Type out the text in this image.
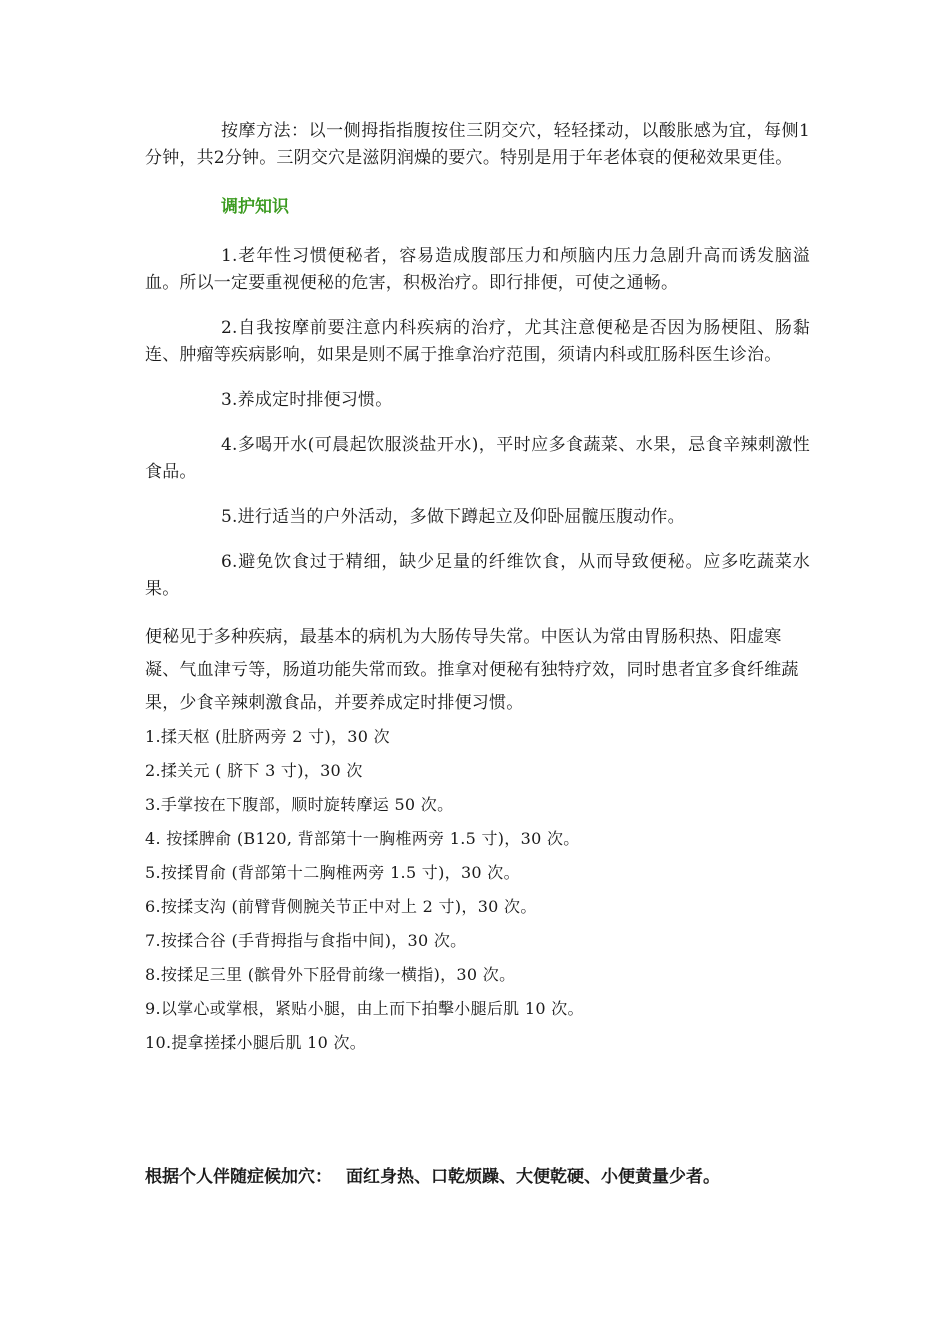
按摩方法：以一侧拇指指腹按住三阴交穴，轻轻揉动，以酸胀感为宜，每侧1分钟，共2分钟。三阴交穴是滋阴润燥的要穴。特别是用于年老体衰的便秘效果更佳。

调护知识

1.老年性习惯便秘者，容易造成腹部压力和颅脑内压力急剧升高而诱发脑溢血。所以一定要重视便秘的危害，积极治疗。即行排便，可使之通畅。

2.自我按摩前要注意内科疾病的治疗，尤其注意便秘是否因为肠梗阻、肠黏连、肿瘤等疾病影响，如果是则不属于推拿治疗范围，须请内科或肛肠科医生诊治。

3.养成定时排便习惯。

4.多喝开水(可晨起饮服淡盐开水)，平时应多食蔬菜、水果，忌食辛辣刺激性食品。

5.进行适当的户外活动，多做下蹲起立及仰卧屈髋压腹动作。

6.避免饮食过于精细，缺少足量的纤维饮食，从而导致便秘。应多吃蔬菜水果。

便秘见于多种疾病，最基本的病机为大肠传导失常。中医认为常由胃肠积热、阳虚寒凝、气血津亏等，肠道功能失常而致。推拿对便秘有独特疗效，同时患者宜多食纤维蔬果，少食辛辣刺激食品，并要养成定时排便习惯。

1.揉天枢 (肚脐两旁 2 寸)，30 次
2.揉关元 ( 脐下 3 寸)，30 次
3.手掌按在下腹部，顺时旋转摩运 50 次。
4. 按揉脾俞 (B120, 背部第十一胸椎两旁 1.5 寸)，30 次。
5.按揉胃俞 (背部第十二胸椎两旁 1.5 寸)，30 次。
6.按揉支沟 (前臂背侧腕关节正中对上 2 寸)，30 次。
7.按揉合谷 (手背拇指与食指中间)，30 次。
8.按揉足三里 (髌骨外下胫骨前缘一横指)，30 次。
9.以掌心或掌根，紧贴小腿，由上而下拍擊小腿后肌 10 次。
10.提拿搓揉小腿后肌 10 次。
根据个人伴随症候加穴： 面红身热、口乾烦躁、大便乾硬、小便黄量少者。
